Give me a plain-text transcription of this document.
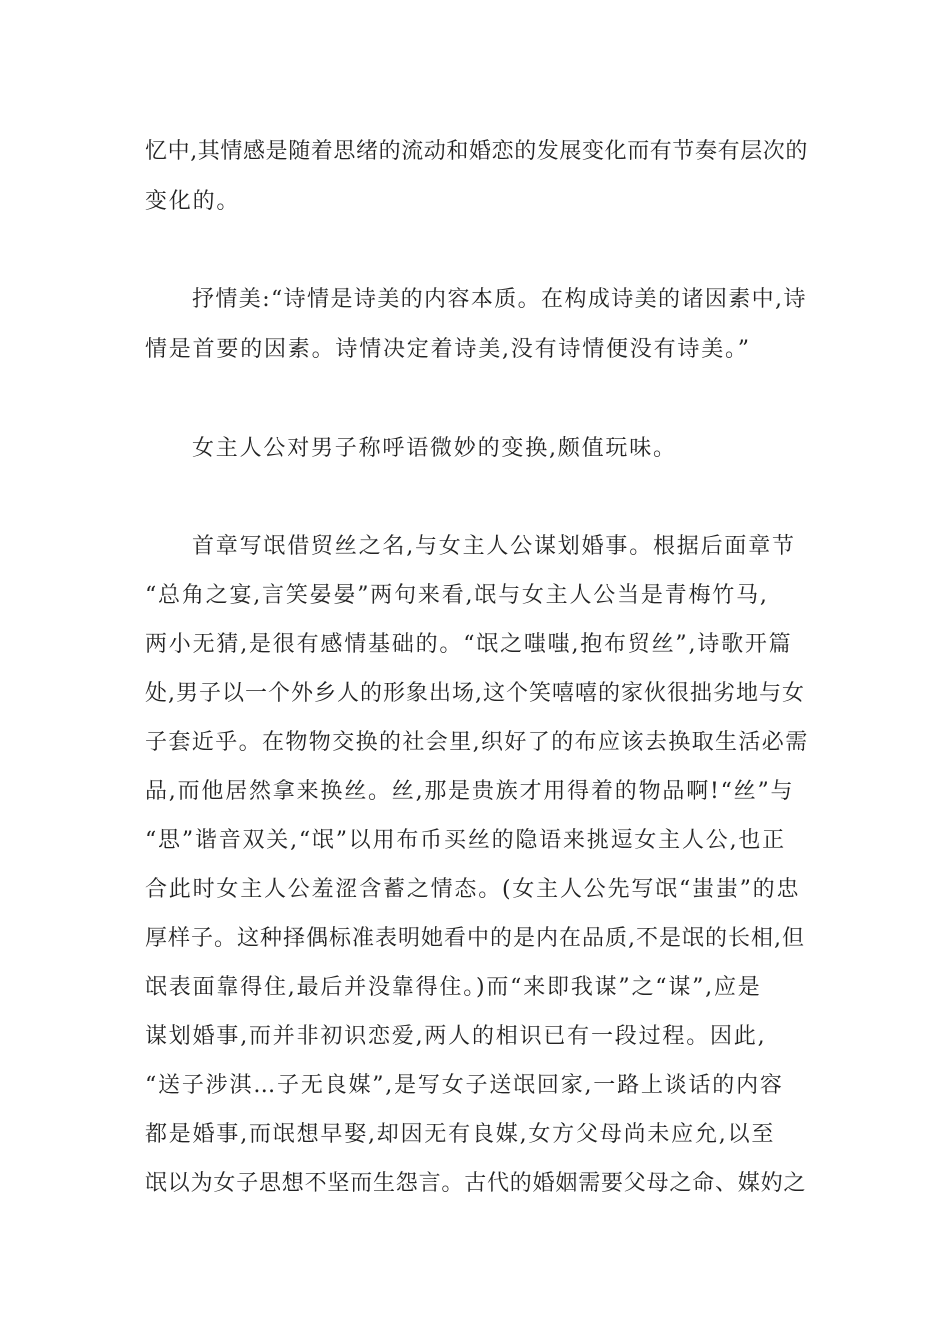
忆中,其情感是随着思绪的流动和婚恋的发展变化而有节奏有层次的
变化的。
抒情美:“诗情是诗美的内容本质。在构成诗美的诸因素中,诗
情是首要的因素。诗情决定着诗美,没有诗情便没有诗美。”
女主人公对男子称呼语微妙的变换,颇值玩味。
首章写氓借贸丝之名,与女主人公谋划婚事。根据后面章节
“总角之宴,言笑晏晏”两句来看,氓与女主人公当是青梅竹马,
两小无猜,是很有感情基础的。“氓之嗤嗤,抱布贸丝”,诗歌开篇
处,男子以一个外乡人的形象出场,这个笑嘻嘻的家伙很拙劣地与女
子套近乎。在物物交换的社会里,织好了的布应该去换取生活必需
品,而他居然拿来换丝。丝,那是贵族才用得着的物品啊!“丝”与
“思”谐音双关,“氓”以用布币买丝的隐语来挑逗女主人公,也正
合此时女主人公羞涩含蓄之情态。(女主人公先写氓“蚩蚩”的忠
厚样子。这种择偶标准表明她看中的是内在品质,不是氓的长相,但
氓表面靠得住,最后并没靠得住。)而“来即我谋”之“谋”,应是
谋划婚事,而并非初识恋爱,两人的相识已有一段过程。因此,
“送子涉淇…子无良媒”,是写女子送氓回家,一路上谈话的内容
都是婚事,而氓想早娶,却因无有良媒,女方父母尚未应允,以至
氓以为女子思想不坚而生怨言。古代的婚姻需要父母之命、媒妁之
